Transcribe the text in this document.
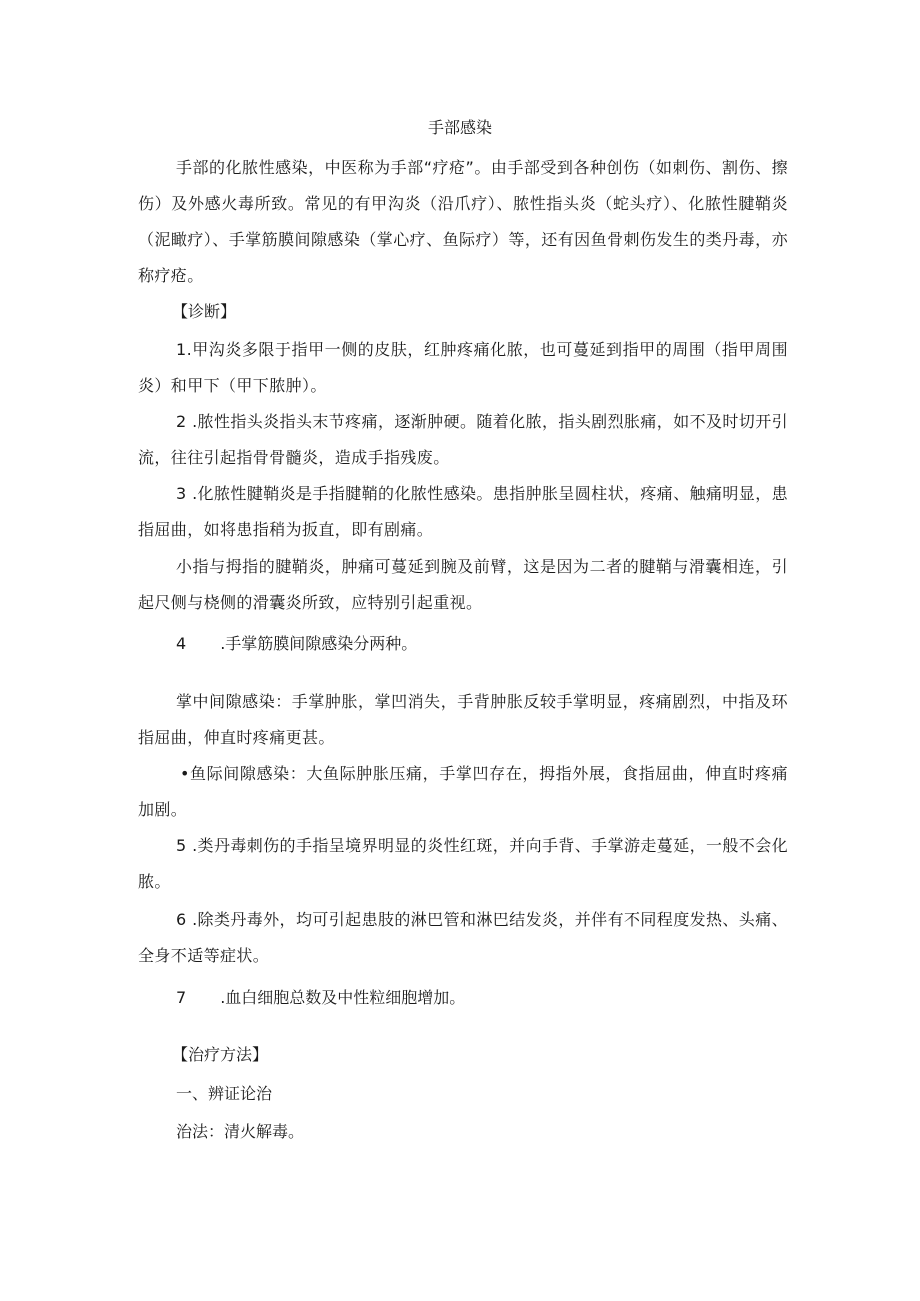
手部感染

手部的化脓性感染，中医称为手部“疗疮”。由手部受到各种创伤（如刺伤、割伤、擦伤）及外感火毒所致。常见的有甲沟炎（沿爪疗）、脓性指头炎（蛇头疗）、化脓性腱鞘炎（泥瞰疗）、手掌筋膜间隙感染（掌心疗、鱼际疗）等，还有因鱼骨刺伤发生的类丹毒，亦称疗疮。

【诊断】

1.甲沟炎多限于指甲一侧的皮肤，红肿疼痛化脓，也可蔓延到指甲的周围（指甲周围炎）和甲下（甲下脓肿）。

2 .脓性指头炎指头末节疼痛，逐渐肿硬。随着化脓，指头剧烈胀痛，如不及时切开引流，往往引起指骨骨髓炎，造成手指残废。

3 .化脓性腱鞘炎是手指腱鞘的化脓性感染。患指肿胀呈圆柱状，疼痛、触痛明显，患指屈曲，如将患指稍为扳直，即有剧痛。

小指与拇指的腱鞘炎，肿痛可蔓延到腕及前臂，这是因为二者的腱鞘与滑囊相连，引起尺侧与桡侧的滑囊炎所致，应特别引起重视。

4 .手掌筋膜间隙感染分两种。

掌中间隙感染：手掌肿胀，掌凹消失，手背肿胀反较手掌明显，疼痛剧烈，中指及环指屈曲，伸直时疼痛更甚。

•鱼际间隙感染：大鱼际肿胀压痛，手掌凹存在，拇指外展，食指屈曲，伸直时疼痛加剧。

5 .类丹毒刺伤的手指呈境界明显的炎性红斑，并向手背、手掌游走蔓延，一般不会化脓。

6 .除类丹毒外，均可引起患肢的淋巴管和淋巴结发炎，并伴有不同程度发热、头痛、全身不适等症状。

7 .血白细胞总数及中性粒细胞增加。
【治疗方法】
一、辨证论治
治法：清火解毒。
